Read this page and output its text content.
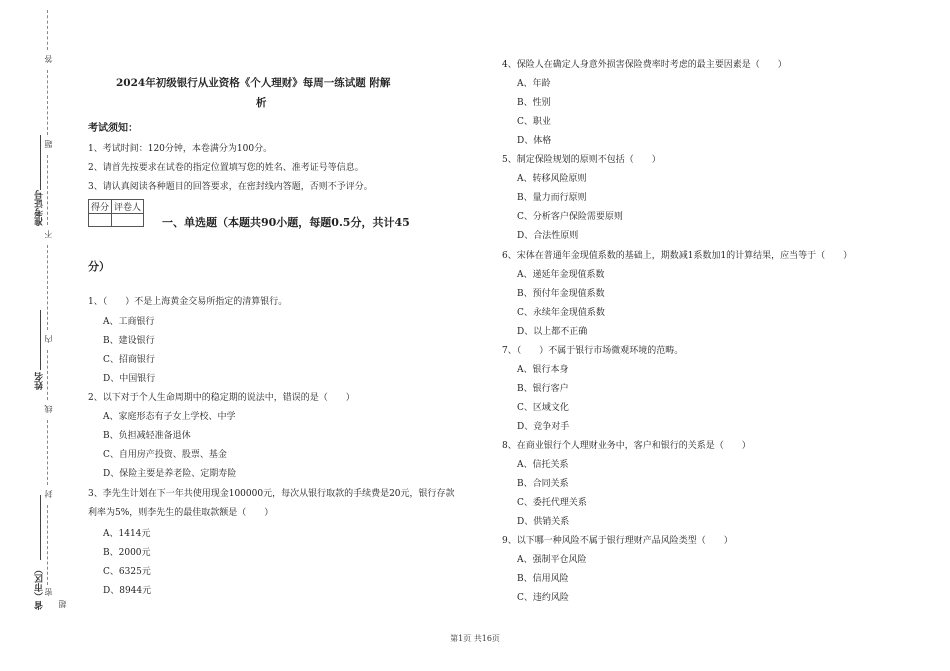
答
题
不
内
线
封
密
超
准考证号
姓名
省（市区）
2024年初级银行从业资格《个人理财》每周一练试题 附解
析
考试须知：
1、考试时间：120分钟，本卷满分为100分。
2、请首先按要求在试卷的指定位置填写您的姓名、准考证号等信息。
3、请认真阅读各种题目的回答要求，在密封线内答题，否则不予评分。
得分	评卷人

一、单选题（本题共90小题，每题0.5分，共计45
分）
1、（　　）不是上海黄金交易所指定的清算银行。
A、工商银行
B、建设银行
C、招商银行
D、中国银行
2、以下对于个人生命周期中的稳定期的说法中，错误的是（　　）
A、家庭形态有子女上学校、中学
B、负担减轻准备退休
C、自用房产投资、股票、基金
D、保险主要是养老险、定期寿险
3、李先生计划在下一年共使用现金100000元，每次从银行取款的手续费是20元，银行存款
利率为5%，则李先生的最佳取款额是（　　）
A、1414元
B、2000元
C、6325元
D、8944元
4、保险人在确定人身意外损害保险费率时考虑的最主要因素是（　　）
A、年龄
B、性别
C、职业
D、体格
5、制定保险规划的原则不包括（　　）
A、转移风险原则
B、量力而行原则
C、分析客户保险需要原则
D、合法性原则
6、宋体在普通年金现值系数的基础上，期数减1系数加1的计算结果，应当等于（　　）
A、递延年金现值系数
B、预付年金现值系数
C、永续年金现值系数
D、以上都不正确
7、（　　）不属于银行市场微观环境的范畴。
A、银行本身
B、银行客户
C、区域文化
D、竞争对手
8、在商业银行个人理财业务中，客户和银行的关系是（　　）
A、信托关系
B、合同关系
C、委托代理关系
D、供销关系
9、以下哪一种风险不属于银行理财产品风险类型（　　）
A、强制平仓风险
B、信用风险
C、违约风险
第1页 共16页
